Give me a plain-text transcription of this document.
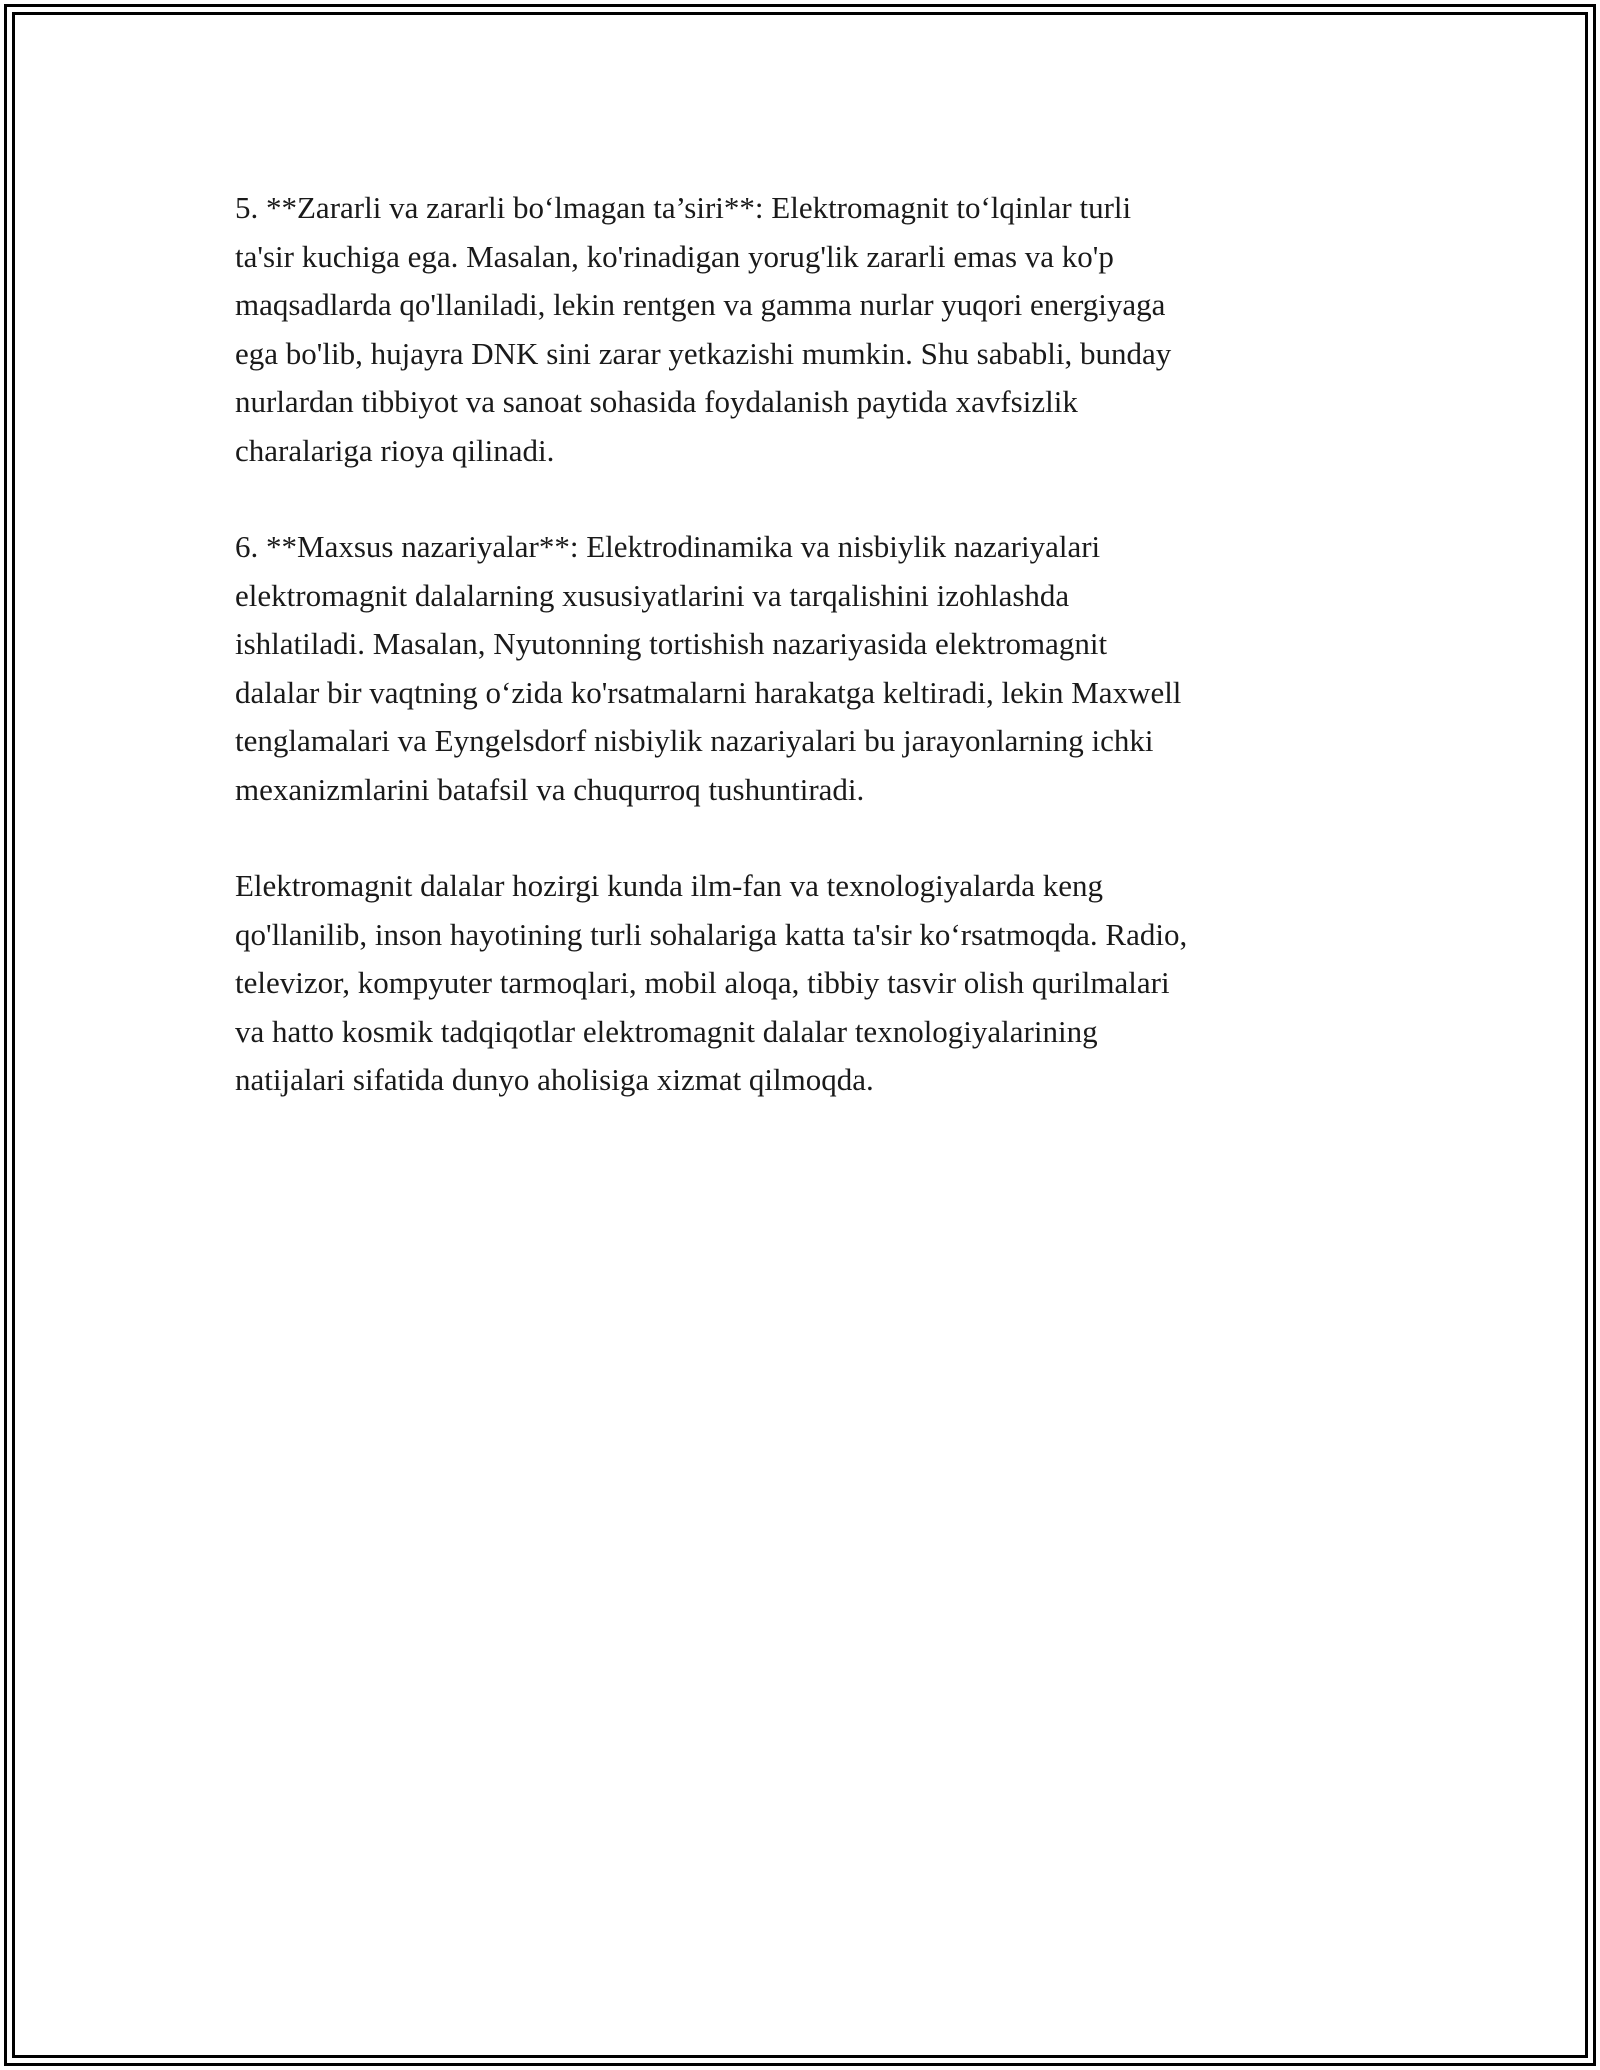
5. **Zararli va zararli bo‘lmagan ta’siri**: Elektromagnit to‘lqinlar turli
ta'sir kuchiga ega. Masalan, ko'rinadigan yorug'lik zararli emas va ko'p
maqsadlarda qo'llaniladi, lekin rentgen va gamma nurlar yuqori energiyaga
ega bo'lib, hujayra DNK sini zarar yetkazishi mumkin. Shu sababli, bunday
nurlardan tibbiyot va sanoat sohasida foydalanish paytida xavfsizlik
charalariga rioya qilinadi.

6. **Maxsus nazariyalar**: Elektrodinamika va nisbiylik nazariyalari
elektromagnit dalalarning xususiyatlarini va tarqalishini izohlashda
ishlatiladi. Masalan, Nyutonning tortishish nazariyasida elektromagnit
dalalar bir vaqtning o‘zida ko'rsatmalarni harakatga keltiradi, lekin Maxwell
tenglamalari va Eyngelsdorf nisbiylik nazariyalari bu jarayonlarning ichki
mexanizmlarini batafsil va chuqurroq tushuntiradi.

Elektromagnit dalalar hozirgi kunda ilm-fan va texnologiyalarda keng
qo'llanilib, inson hayotining turli sohalariga katta ta'sir ko‘rsatmoqda. Radio,
televizor, kompyuter tarmoqlari, mobil aloqa, tibbiy tasvir olish qurilmalari
va hatto kosmik tadqiqotlar elektromagnit dalalar texnologiyalarining
natijalari sifatida dunyo aholisiga xizmat qilmoqda.
